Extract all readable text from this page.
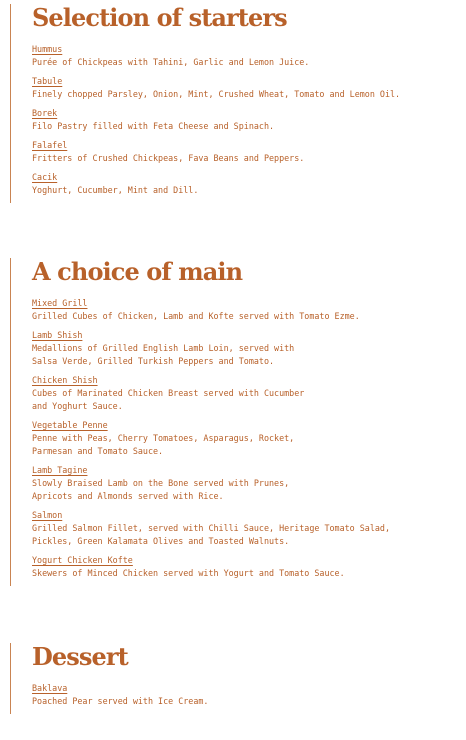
Selection of starters
Hummus
Purée of Chickpeas with Tahini, Garlic and Lemon Juice.
Tabule
Finely chopped Parsley, Onion, Mint, Crushed Wheat, Tomato and Lemon Oil.
Borek
Filo Pastry filled with Feta Cheese and Spinach.
Falafel
Fritters of Crushed Chickpeas, Fava Beans and Peppers.
Cacik
Yoghurt, Cucumber, Mint and Dill.
A choice of main
Mixed Grill
Grilled Cubes of Chicken, Lamb and Kofte served with Tomato Ezme.
Lamb Shish
Medallions of Grilled English Lamb Loin, served with
Salsa Verde, Grilled Turkish Peppers and Tomato.
Chicken Shish
Cubes of Marinated Chicken Breast served with Cucumber
and Yoghurt Sauce.
Vegetable Penne
Penne with Peas, Cherry Tomatoes, Asparagus, Rocket,
Parmesan and Tomato Sauce.
Lamb Tagine
Slowly Braised Lamb on the Bone served with Prunes,
Apricots and Almonds served with Rice.
Salmon
Grilled Salmon Fillet, served with Chilli Sauce, Heritage Tomato Salad,
Pickles, Green Kalamata Olives and Toasted Walnuts.
Yogurt Chicken Kofte
Skewers of Minced Chicken served with Yogurt and Tomato Sauce.
Dessert
Baklava
Poached Pear served with Ice Cream.
